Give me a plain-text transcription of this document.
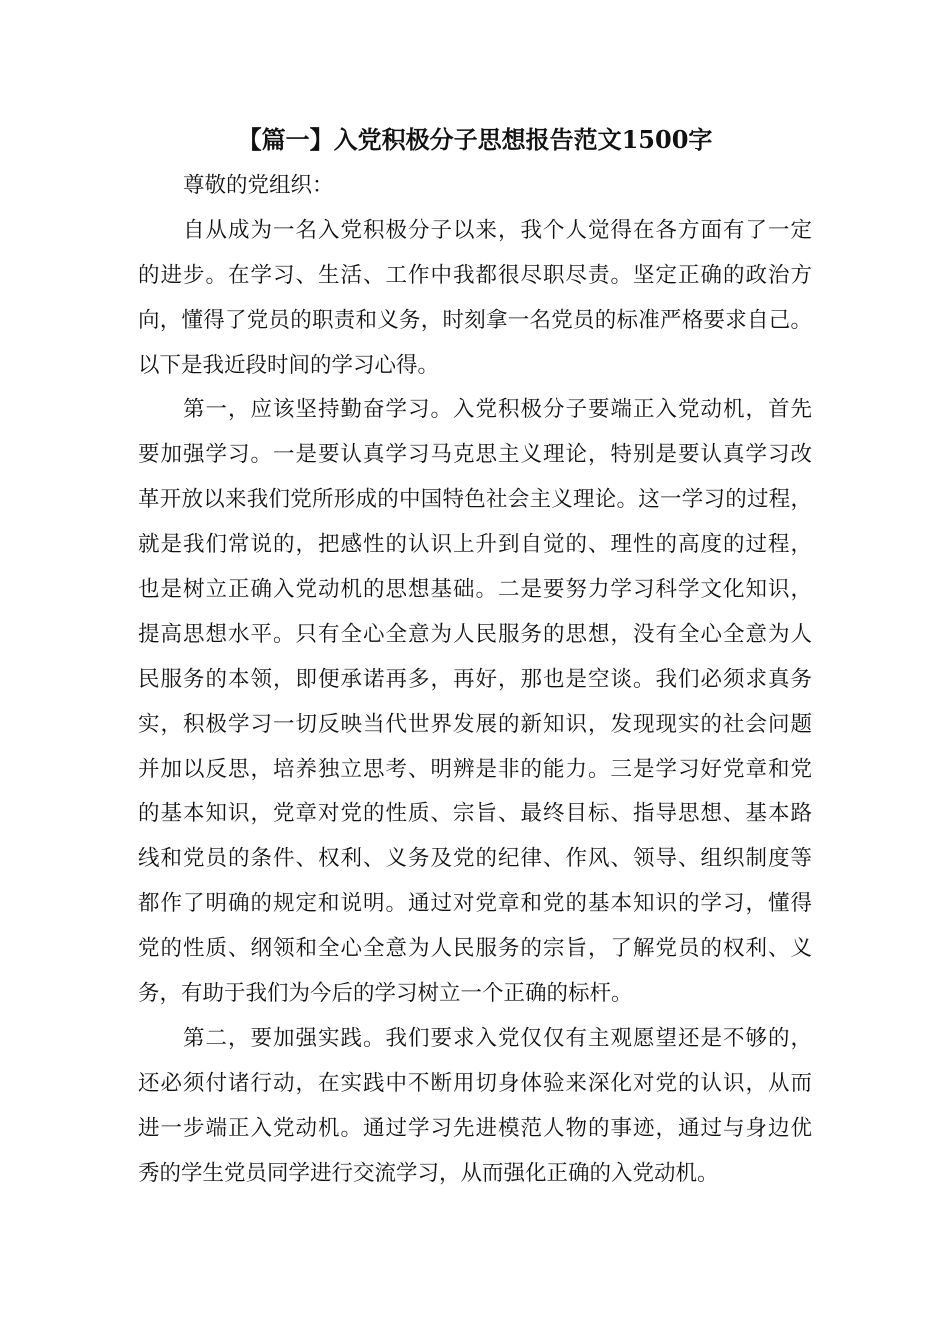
【篇一】入党积极分子思想报告范文1500字
尊敬的党组织：
自从成为一名入党积极分子以来，我个人觉得在各方面有了一定
的进步。在学习、生活、工作中我都很尽职尽责。坚定正确的政治方
向，懂得了党员的职责和义务，时刻拿一名党员的标准严格要求自己。
以下是我近段时间的学习心得。
第一，应该坚持勤奋学习。入党积极分子要端正入党动机，首先
要加强学习。一是要认真学习马克思主义理论，特别是要认真学习改
革开放以来我们党所形成的中国特色社会主义理论。这一学习的过程，
就是我们常说的，把感性的认识上升到自觉的、理性的高度的过程，
也是树立正确入党动机的思想基础。二是要努力学习科学文化知识，
提高思想水平。只有全心全意为人民服务的思想，没有全心全意为人
民服务的本领，即便承诺再多，再好，那也是空谈。我们必须求真务
实，积极学习一切反映当代世界发展的新知识，发现现实的社会问题
并加以反思，培养独立思考、明辨是非的能力。三是学习好党章和党
的基本知识，党章对党的性质、宗旨、最终目标、指导思想、基本路
线和党员的条件、权利、义务及党的纪律、作风、领导、组织制度等
都作了明确的规定和说明。通过对党章和党的基本知识的学习，懂得
党的性质、纲领和全心全意为人民服务的宗旨，了解党员的权利、义
务，有助于我们为今后的学习树立一个正确的标杆。
第二，要加强实践。我们要求入党仅仅有主观愿望还是不够的，
还必须付诸行动，在实践中不断用切身体验来深化对党的认识，从而
进一步端正入党动机。通过学习先进模范人物的事迹，通过与身边优
秀的学生党员同学进行交流学习，从而强化正确的入党动机。
